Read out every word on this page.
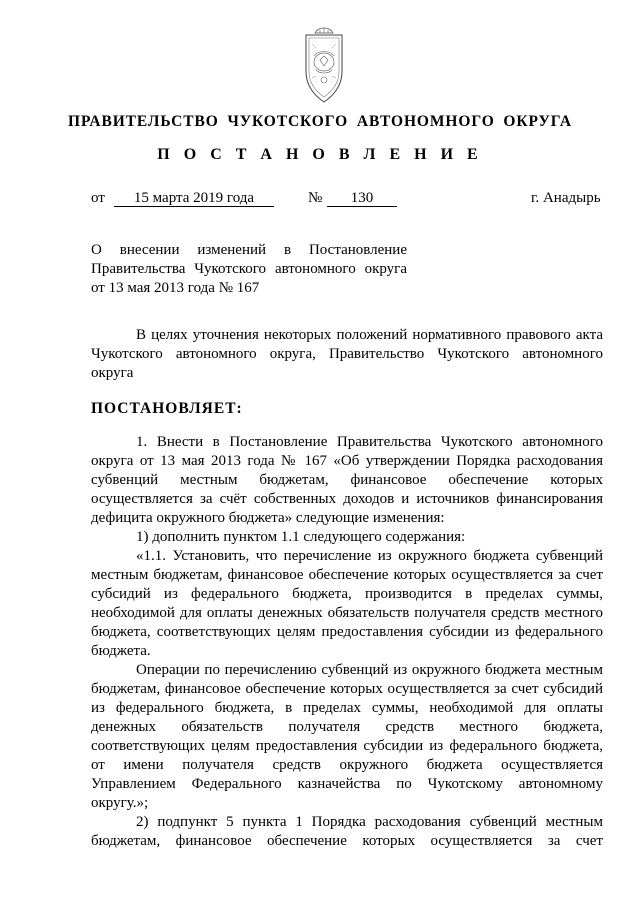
ПРАВИТЕЛЬСТВО ЧУКОТСКОГО АВТОНОМНОГО ОКРУГА
П О С Т А Н О В Л Е Н И Е
от	15 марта 2019 года	№	130	г. Анадырь
О внесении изменений в Постановление
Правительства Чукотского автономного округа
от 13 мая 2013 года № 167
В целях уточнения некоторых положений нормативного правового акта
Чукотского автономного округа, Правительство Чукотского автономного
округа
ПОСТАНОВЛЯЕТ:
1. Внести в Постановление Правительства Чукотского автономного
округа от 13 мая 2013 года № 167 «Об утверждении Порядка расходования
субвенций местным бюджетам, финансовое обеспечение которых
осуществляется за счёт собственных доходов и источников финансирования
дефицита окружного бюджета» следующие изменения:
1) дополнить пунктом 1.1 следующего содержания:
«1.1. Установить, что перечисление из окружного бюджета субвенций
местным бюджетам, финансовое обеспечение которых осуществляется за счет
субсидий из федерального бюджета, производится в пределах суммы,
необходимой для оплаты денежных обязательств получателя средств местного
бюджета, соответствующих целям предоставления субсидии из федерального
бюджета.
Операции по перечислению субвенций из окружного бюджета местным
бюджетам, финансовое обеспечение которых осуществляется за счет субсидий
из федерального бюджета, в пределах суммы, необходимой для оплаты
денежных обязательств получателя средств местного бюджета,
соответствующих целям предоставления субсидии из федерального бюджета,
от имени получателя средств окружного бюджета осуществляется
Управлением Федерального казначейства по Чукотскому автономному
округу.»;
2) подпункт 5 пункта 1 Порядка расходования субвенций местным
бюджетам, финансовое обеспечение которых осуществляется за счет
